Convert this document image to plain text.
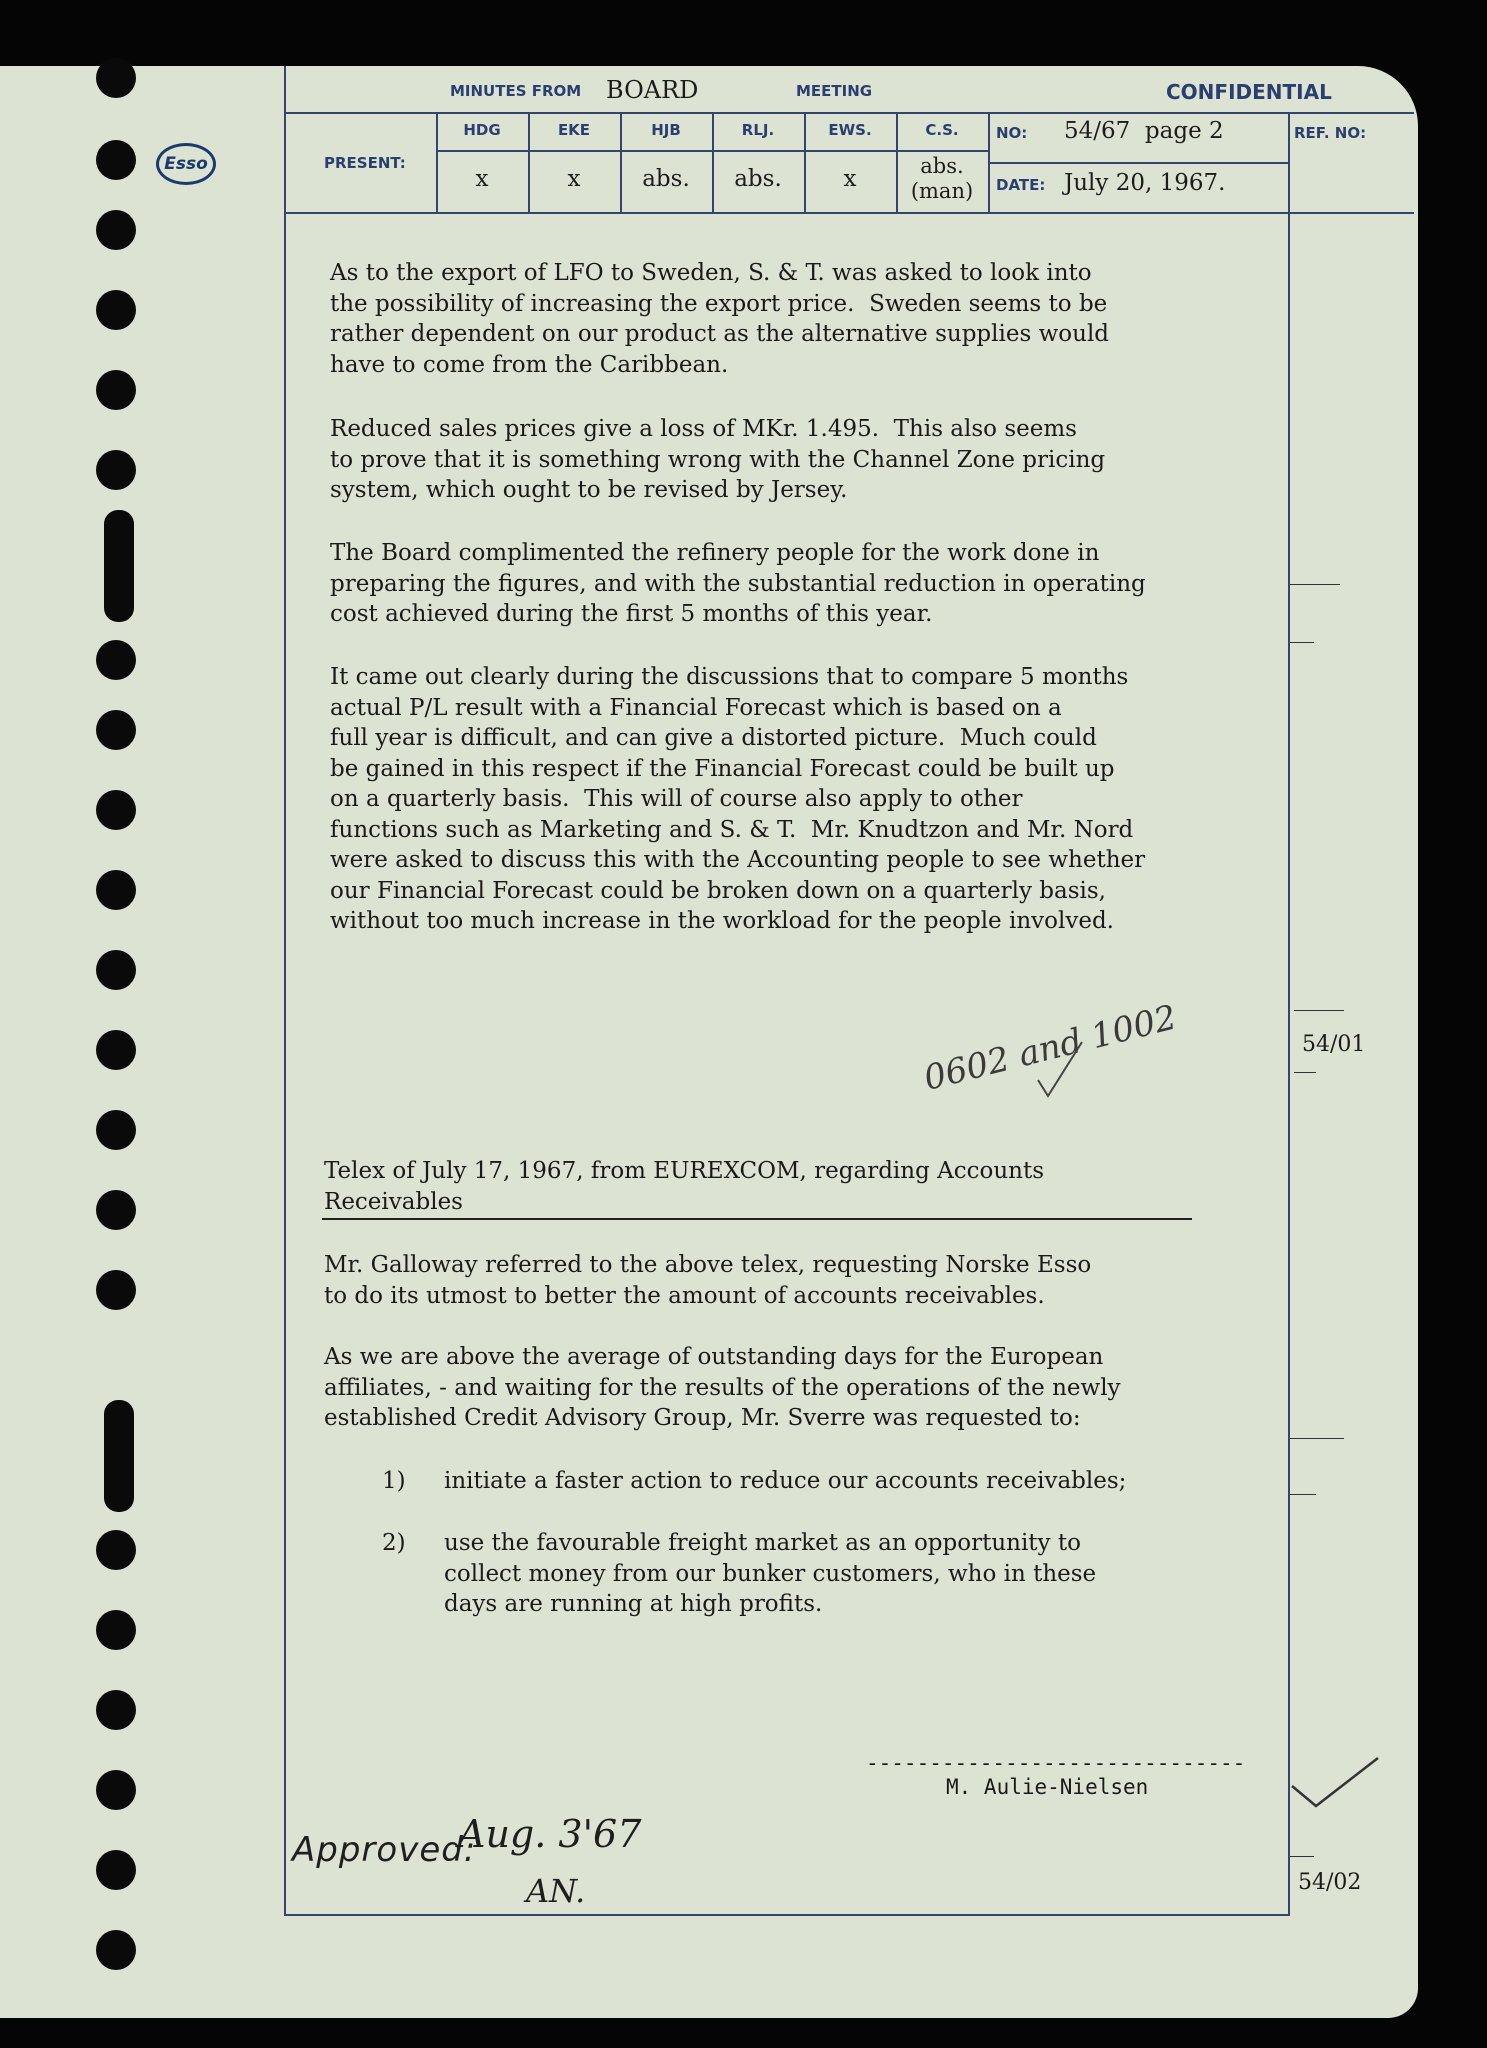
Esso
MINUTES FROM BOARD	MEETING	CONFIDENTIAL
PRESENT:
HDG	EKE	HJB	RLJ.	EWS.	C.S.
x	x	abs.	abs.	x	abs.
(man)
NO: 54/67  page 2
DATE: July 20, 1967.
REF. NO:
As to the export of LFO to Sweden, S. & T. was asked to look into
the possibility of increasing the export price.  Sweden seems to be
rather dependent on our product as the alternative supplies would
have to come from the Caribbean.
Reduced sales prices give a loss of MKr. 1.495.  This also seems
to prove that it is something wrong with the Channel Zone pricing
system, which ought to be revised by Jersey.
The Board complimented the refinery people for the work done in
preparing the figures, and with the substantial reduction in operating
cost achieved during the first 5 months of this year.
It came out clearly during the discussions that to compare 5 months
actual P/L result with a Financial Forecast which is based on a
full year is difficult, and can give a distorted picture.  Much could
be gained in this respect if the Financial Forecast could be built up
on a quarterly basis.  This will of course also apply to other
functions such as Marketing and S. & T.  Mr. Knudtzon and Mr. Nord
were asked to discuss this with the Accounting people to see whether
our Financial Forecast could be broken down on a quarterly basis,
without too much increase in the workload for the people involved.
Telex of July 17, 1967, from EUREXCOM, regarding Accounts
Receivables
Mr. Galloway referred to the above telex, requesting Norske Esso
to do its utmost to better the amount of accounts receivables.
As we are above the average of outstanding days for the European
affiliates, - and waiting for the results of the operations of the newly
established Credit Advisory Group, Mr. Sverre was requested to:
1) initiate a faster action to reduce our accounts receivables;
2) use the favourable freight market as an opportunity to
collect money from our bunker customers, who in these
days are running at high profits.
54/01
54/02
0602 and 1002
------------------------------
M. Aulie-Nielsen
Approved:
Aug. 3'67
AN.
